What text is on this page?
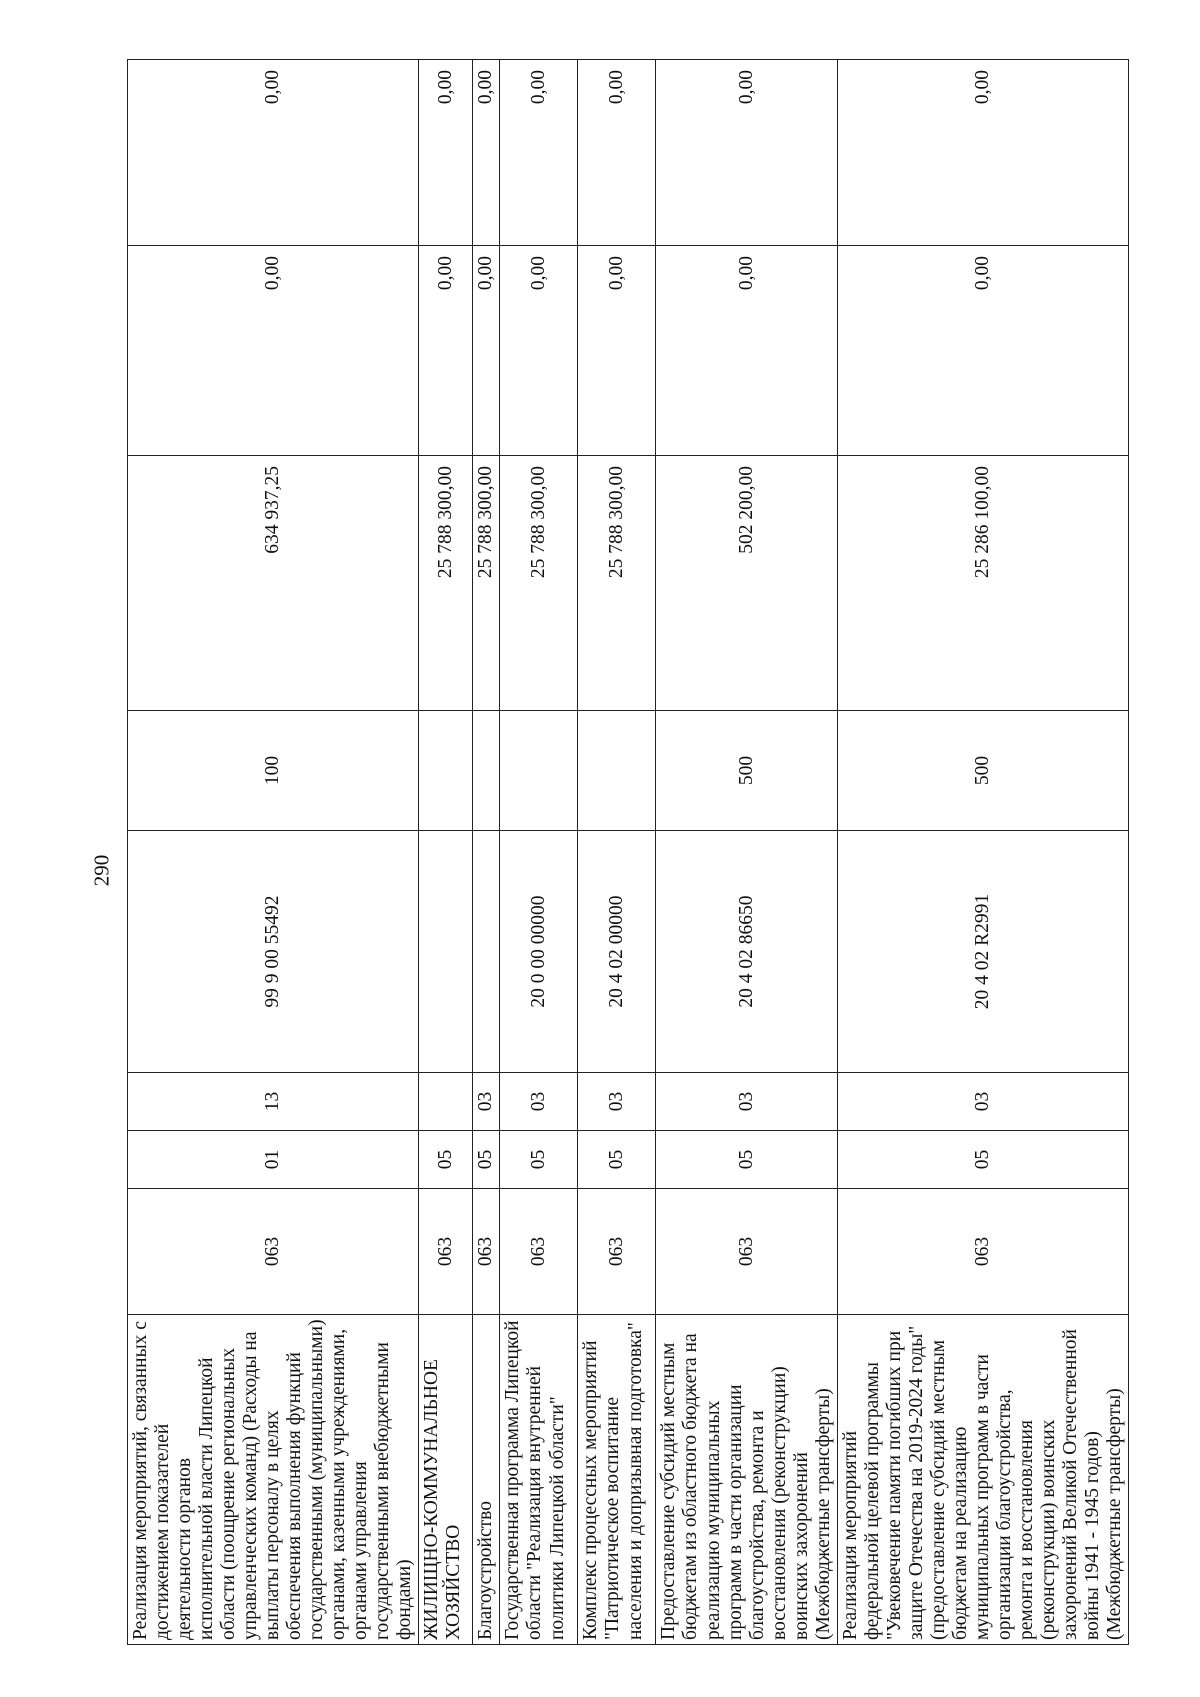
290
Реализация мероприятий, связанных с достижением показателей деятельности органов исполнительной власти Липецкой области (поощрение региональных управленческих команд) (Расходы на выплаты персоналу в целях обеспечения выполнения функций государственными (муниципальными) органами, казенными учреждениями, органами управления государственными внебюджетными фондами)	063	01	13	99 9 00 55492	100	634 937,25	0,00	0,00
ЖИЛИЩНО-КОММУНАЛЬНОЕ ХОЗЯЙСТВО	063	05				25 788 300,00	0,00	0,00
Благоустройство	063	05	03			25 788 300,00	0,00	0,00
Государственная программа Липецкой области "Реализация внутренней политики Липецкой области"	063	05	03	20 0 00 00000		25 788 300,00	0,00	0,00
Комплекс процессных мероприятий "Патриотическое воспитание населения и допризывная подготовка"	063	05	03	20 4 02 00000		25 788 300,00	0,00	0,00
Предоставление субсидий местным бюджетам из областного бюджета на реализацию муниципальных программ в части организации благоустройства, ремонта и восстановления (реконструкции) воинских захоронений (Межбюджетные трансферты)	063	05	03	20 4 02 86650	500	502 200,00	0,00	0,00
Реализация мероприятий федеральной целевой программы "Увековечение памяти погибших при защите Отечества на 2019-2024 годы" (предоставление субсидий местным бюджетам на реализацию муниципальных программ в части организации благоустройства, ремонта и восстановления (реконструкции) воинских захоронений Великой Отечественной войны 1941 - 1945 годов) (Межбюджетные трансферты)	063	05	03	20 4 02 R2991	500	25 286 100,00	0,00	0,00
